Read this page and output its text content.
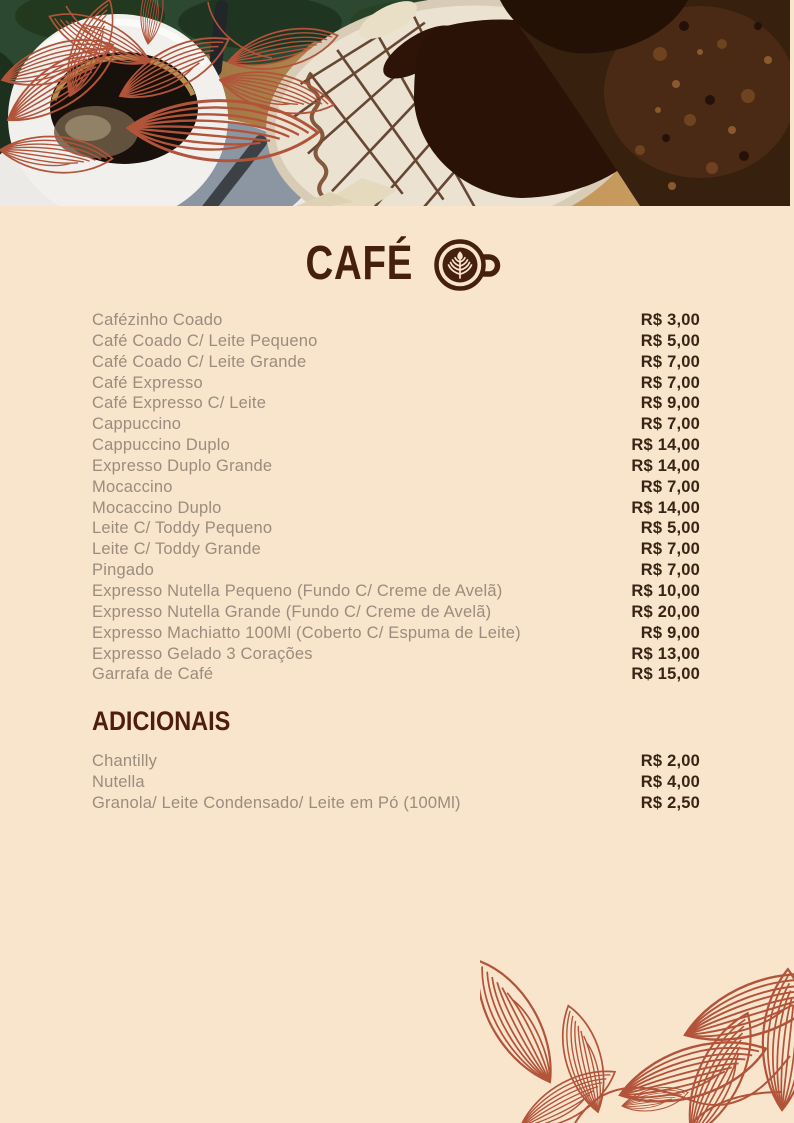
CAFÉ
Cafézinho Coado	R$ 3,00
Café Coado C/ Leite Pequeno	R$ 5,00
Café Coado C/ Leite Grande	R$ 7,00
Café Expresso	R$ 7,00
Café Expresso C/ Leite	R$ 9,00
Cappuccino	R$ 7,00
Cappuccino Duplo	R$ 14,00
Expresso Duplo Grande	R$ 14,00
Mocaccino	R$ 7,00
Mocaccino Duplo	R$ 14,00
Leite C/ Toddy Pequeno	R$ 5,00
Leite C/ Toddy Grande	R$ 7,00
Pingado	R$ 7,00
Expresso Nutella Pequeno (Fundo C/ Creme de Avelã)	R$ 10,00
Expresso Nutella Grande (Fundo C/ Creme de Avelã)	R$ 20,00
Expresso Machiatto 100Ml (Coberto C/ Espuma de Leite)	R$ 9,00
Expresso Gelado 3 Corações	R$ 13,00
Garrafa de Café	R$ 15,00
ADICIONAIS
Chantilly	R$ 2,00
Nutella	R$ 4,00
Granola/ Leite Condensado/ Leite em Pó (100Ml)	R$ 2,50
